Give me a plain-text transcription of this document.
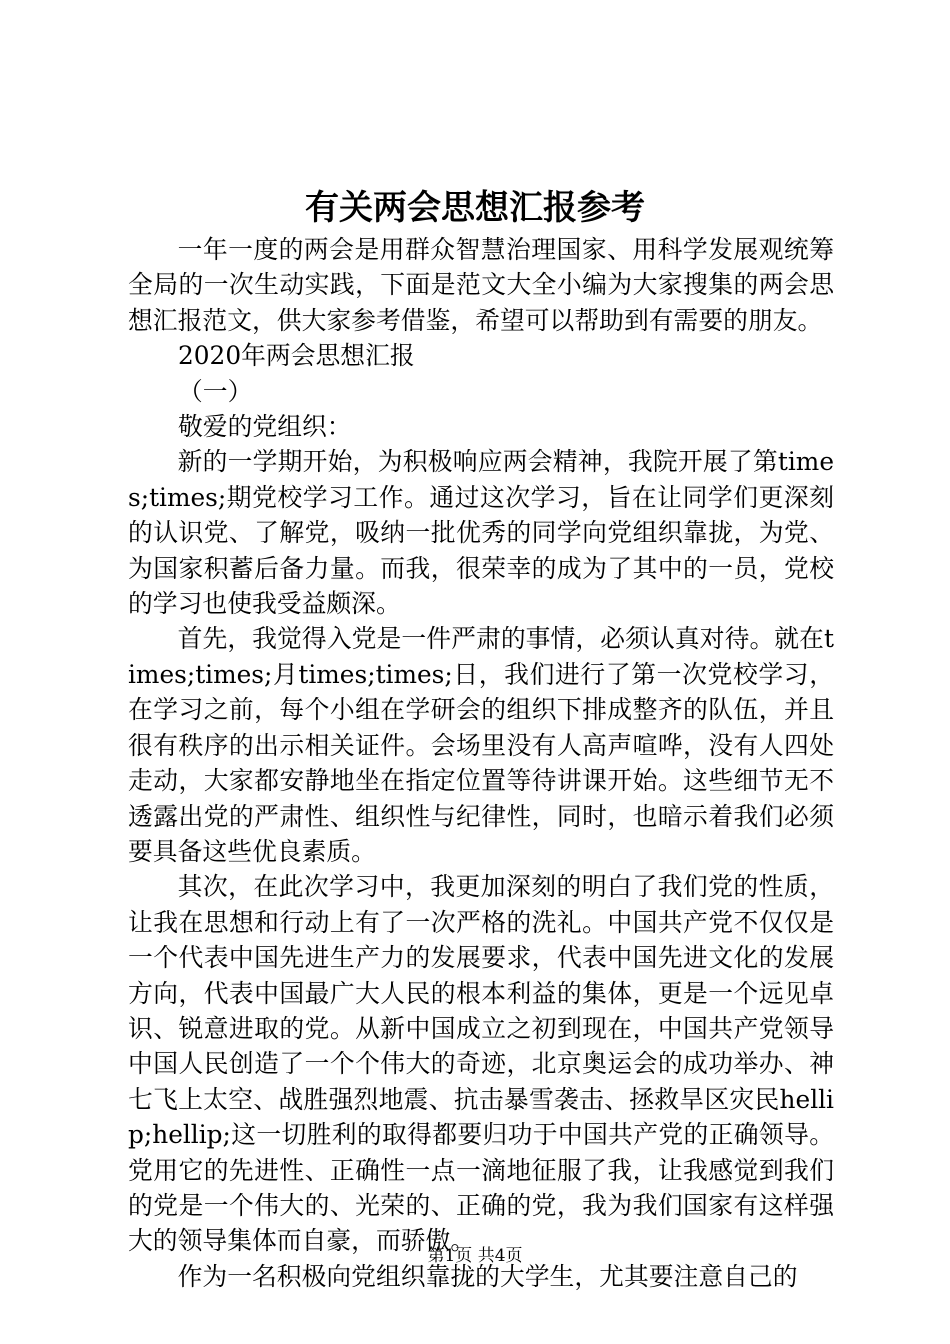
有关两会思想汇报参考

一年一度的两会是用群众智慧治理国家、用科学发展观统筹全局的一次生动实践，下面是范文大全小编为大家搜集的两会思想汇报范文，供大家参考借鉴，希望可以帮助到有需要的朋友。

2020年两会思想汇报

（一）

敬爱的党组织：

新的一学期开始，为积极响应两会精神，我院开展了第times;times;期党校学习工作。通过这次学习，旨在让同学们更深刻的认识党、了解党，吸纳一批优秀的同学向党组织靠拢，为党、为国家积蓄后备力量。而我，很荣幸的成为了其中的一员，党校的学习也使我受益颇深。

首先，我觉得入党是一件严肃的事情，必须认真对待。就在times;times;月times;times;日，我们进行了第一次党校学习，在学习之前，每个小组在学研会的组织下排成整齐的队伍，并且很有秩序的出示相关证件。会场里没有人高声喧哗，没有人四处走动，大家都安静地坐在指定位置等待讲课开始。这些细节无不透露出党的严肃性、组织性与纪律性，同时，也暗示着我们必须要具备这些优良素质。

其次，在此次学习中，我更加深刻的明白了我们党的性质，让我在思想和行动上有了一次严格的洗礼。中国共产党不仅仅是一个代表中国先进生产力的发展要求，代表中国先进文化的发展方向，代表中国最广大人民的根本利益的集体，更是一个远见卓识、锐意进取的党。从新中国成立之初到现在，中国共产党领导中国人民创造了一个个伟大的奇迹，北京奥运会的成功举办、神七飞上太空、战胜强烈地震、抗击暴雪袭击、拯救旱区灾民hellip;hellip;这一切胜利的取得都要归功于中国共产党的正确领导。党用它的先进性、正确性一点一滴地征服了我，让我感觉到我们的党是一个伟大的、光荣的、正确的党，我为我们国家有这样强大的领导集体而自豪，而骄傲。

作为一名积极向党组织靠拢的大学生，尤其要注意自己的

第1页 共4页
